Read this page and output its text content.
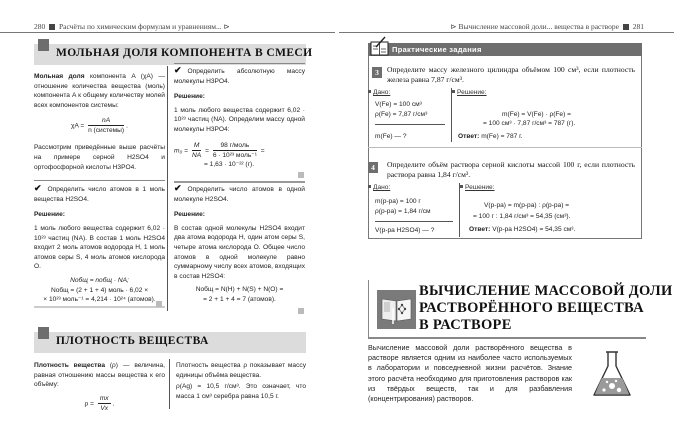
280 Расчёты по химическим формулам и уравнениям... ⊳	⊳ Вычисление массовой доли... вещества в растворе 281
МОЛЬНАЯ ДОЛЯ КОМПОНЕНТА В СМЕСИ

Мольная доля компонента A (χA) — отношение количества вещества (моль) компонента A к общему количеству молей всех компонентов системы:

$\chi A = \frac{nA}{\text{n (системы)}}$ .

Рассмотрим приведённые выше расчёты на примере серной H2SO4 и ортофосфорной кислоты H3PO4.

✔ Определить число атомов в 1 моль вещества H2SO4.

Решение:

1 моль любого вещества содержит 6,02 · 10²³ частиц (NA). В состав 1 моль H2SO4 входит 2 моль атомов водорода H, 1 моль атомов серы S, 4 моль атомов кислорода O.

Nобщ = nобщ · NA;

Nобщ = (2 + 1 + 4) моль · 6,02 ×

× 10²³ моль⁻¹ = 4,214 · 10²⁴ (атомов).

✔ Определить абсолютную массу молекулы H3PO4.

Решение:

1 моль любого вещества содержит 6,02 · 10²³ частиц (NA). Определим массу одной молекулы H3PO4:

$m_0 = \frac{M}{NA} = \frac{\text{98 г/моль}}{\text{6 · 10²³ моль⁻¹}}$ =

= 1,63 · 10⁻²² (г).

✔ Определить число атомов в одной молекуле H2SO4.

Решение:

В состав одной молекулы H2SO4 входит два атома водорода H, один атом серы S, четыре атома кислорода O. Общее число атомов в одной молекуле равно суммарному числу всех атомов, входящих в состав H2SO4:

Nобщ = N(H) + N(S) + N(O) =

= 2 + 1 + 4 = 7 (атомов).

ПЛОТНОСТЬ ВЕЩЕСТВА

Плотность вещества (ρ) — величина, равная отношению массы вещества к его объёму:

$\rho = \frac{mx}{Vx}$ .

Плотность вещества ρ показывает массу единицы объёма вещества.

ρ(Ag) = 10,5 г/см³. Это означает, что масса 1 см³ серебра равна 10,5 г.

Практические задания
3	Определите массу железного цилиндра объёмом 100 см³, если плотность железа равна 7,87 г/см³.
Дано:
V(Fe) = 100 см³
ρ(Fe) = 7,87 г/см³
m(Fe) — ?
Решение:
m(Fe) = V(Fe) · ρ(Fe) =
= 100 см³ · 7,87 г/см³ = 787 (г).
Ответ: m(Fe) = 787 г.
4	Определите объём раствора серной кислоты массой 100 г, если плотность раствора равна 1,84 г/см³.
Дано:
m(р-ра) = 100 г
ρ(р-ра) = 1,84 г/см
V(р-ра H2SO4) — ?
Решение:
V(р-ра) = m(р-ра) : ρ(р-ра) =
= 100 г : 1,84 г/см³ = 54,35 (см³).
Ответ: V(р-ра H2SO4) = 54,35 см³.
ВЫЧИСЛЕНИЕ МАССОВОЙ ДОЛИ
РАСТВОРЁННОГО ВЕЩЕСТВА
В РАСТВОРЕ

Вычисление массовой доли растворённого вещества в растворе является одним из наиболее часто используемых в лаборатории и повседневной жизни расчётов. Знание этого расчёта необходимо для приготовления растворов как из твёрдых веществ, так и для разбавления (концентрирования) растворов.
